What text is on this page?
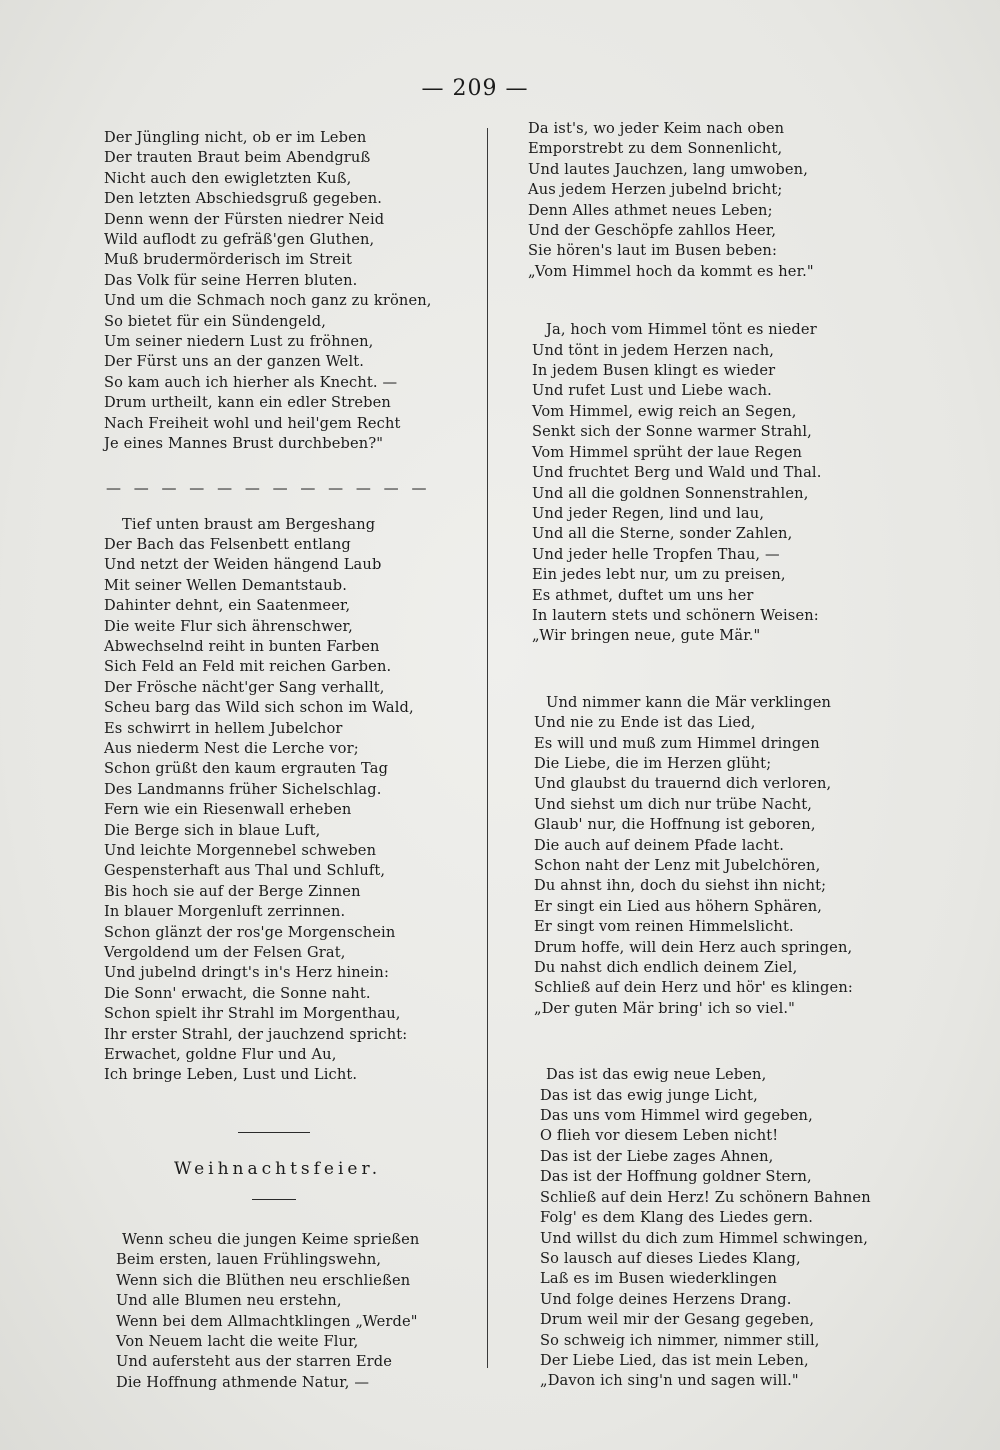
— 209 —
Der Jüngling nicht, ob er im Leben
Der trauten Braut beim Abendgruß
Nicht auch den ewigletzten Kuß,
Den letzten Abschiedsgruß gegeben.
Denn wenn der Fürsten niedrer Neid
Wild auflodt zu gefräß'gen Gluthen,
Muß brudermörderisch im Streit
Das Volk für seine Herren bluten.
Und um die Schmach noch ganz zu krönen,
So bietet für ein Sündengeld,
Um seiner niedern Lust zu fröhnen,
Der Fürst uns an der ganzen Welt.
So kam auch ich hierher als Knecht. —
Drum urtheilt, kann ein edler Streben
Nach Freiheit wohl und heil'gem Recht
Je eines Mannes Brust durchbeben?"
— — — — — — — — — — — —
Tief unten braust am Bergeshang
Der Bach das Felsenbett entlang
Und netzt der Weiden hängend Laub
Mit seiner Wellen Demantstaub.
Dahinter dehnt, ein Saatenmeer,
Die weite Flur sich ährenschwer,
Abwechselnd reiht in bunten Farben
Sich Feld an Feld mit reichen Garben.
Der Frösche nächt'ger Sang verhallt,
Scheu barg das Wild sich schon im Wald,
Es schwirrt in hellem Jubelchor
Aus niederm Nest die Lerche vor;
Schon grüßt den kaum ergrauten Tag
Des Landmanns früher Sichelschlag.
Fern wie ein Riesenwall erheben
Die Berge sich in blaue Luft,
Und leichte Morgennebel schweben
Gespensterhaft aus Thal und Schluft,
Bis hoch sie auf der Berge Zinnen
In blauer Morgenluft zerrinnen.
Schon glänzt der ros'ge Morgenschein
Vergoldend um der Felsen Grat,
Und jubelnd dringt's in's Herz hinein:
Die Sonn' erwacht, die Sonne naht.
Schon spielt ihr Strahl im Morgenthau,
Ihr erster Strahl, der jauchzend spricht:
Erwachet, goldne Flur und Au,
Ich bringe Leben, Lust und Licht.
Weihnachtsfeier.
Wenn scheu die jungen Keime sprießen
Beim ersten, lauen Frühlingswehn,
Wenn sich die Blüthen neu erschließen
Und alle Blumen neu erstehn,
Wenn bei dem Allmachtklingen „Werde"
Von Neuem lacht die weite Flur,
Und aufersteht aus der starren Erde
Die Hoffnung athmende Natur, —
Da ist's, wo jeder Keim nach oben
Emporstrebt zu dem Sonnenlicht,
Und lautes Jauchzen, lang umwoben,
Aus jedem Herzen jubelnd bricht;
Denn Alles athmet neues Leben;
Und der Geschöpfe zahllos Heer,
Sie hören's laut im Busen beben:
„Vom Himmel hoch da kommt es her."
Ja, hoch vom Himmel tönt es nieder
Und tönt in jedem Herzen nach,
In jedem Busen klingt es wieder
Und rufet Lust und Liebe wach.
Vom Himmel, ewig reich an Segen,
Senkt sich der Sonne warmer Strahl,
Vom Himmel sprüht der laue Regen
Und fruchtet Berg und Wald und Thal.
Und all die goldnen Sonnenstrahlen,
Und jeder Regen, lind und lau,
Und all die Sterne, sonder Zahlen,
Und jeder helle Tropfen Thau, —
Ein jedes lebt nur, um zu preisen,
Es athmet, duftet um uns her
In lautern stets und schönern Weisen:
„Wir bringen neue, gute Mär."
Und nimmer kann die Mär verklingen
Und nie zu Ende ist das Lied,
Es will und muß zum Himmel dringen
Die Liebe, die im Herzen glüht;
Und glaubst du trauernd dich verloren,
Und siehst um dich nur trübe Nacht,
Glaub' nur, die Hoffnung ist geboren,
Die auch auf deinem Pfade lacht.
Schon naht der Lenz mit Jubelchören,
Du ahnst ihn, doch du siehst ihn nicht;
Er singt ein Lied aus höhern Sphären,
Er singt vom reinen Himmelslicht.
Drum hoffe, will dein Herz auch springen,
Du nahst dich endlich deinem Ziel,
Schließ auf dein Herz und hör' es klingen:
„Der guten Mär bring' ich so viel."
Das ist das ewig neue Leben,
Das ist das ewig junge Licht,
Das uns vom Himmel wird gegeben,
O flieh vor diesem Leben nicht!
Das ist der Liebe zages Ahnen,
Das ist der Hoffnung goldner Stern,
Schließ auf dein Herz! Zu schönern Bahnen
Folg' es dem Klang des Liedes gern.
Und willst du dich zum Himmel schwingen,
So lausch auf dieses Liedes Klang,
Laß es im Busen wiederklingen
Und folge deines Herzens Drang.
Drum weil mir der Gesang gegeben,
So schweig ich nimmer, nimmer still,
Der Liebe Lied, das ist mein Leben,
„Davon ich sing'n und sagen will."
